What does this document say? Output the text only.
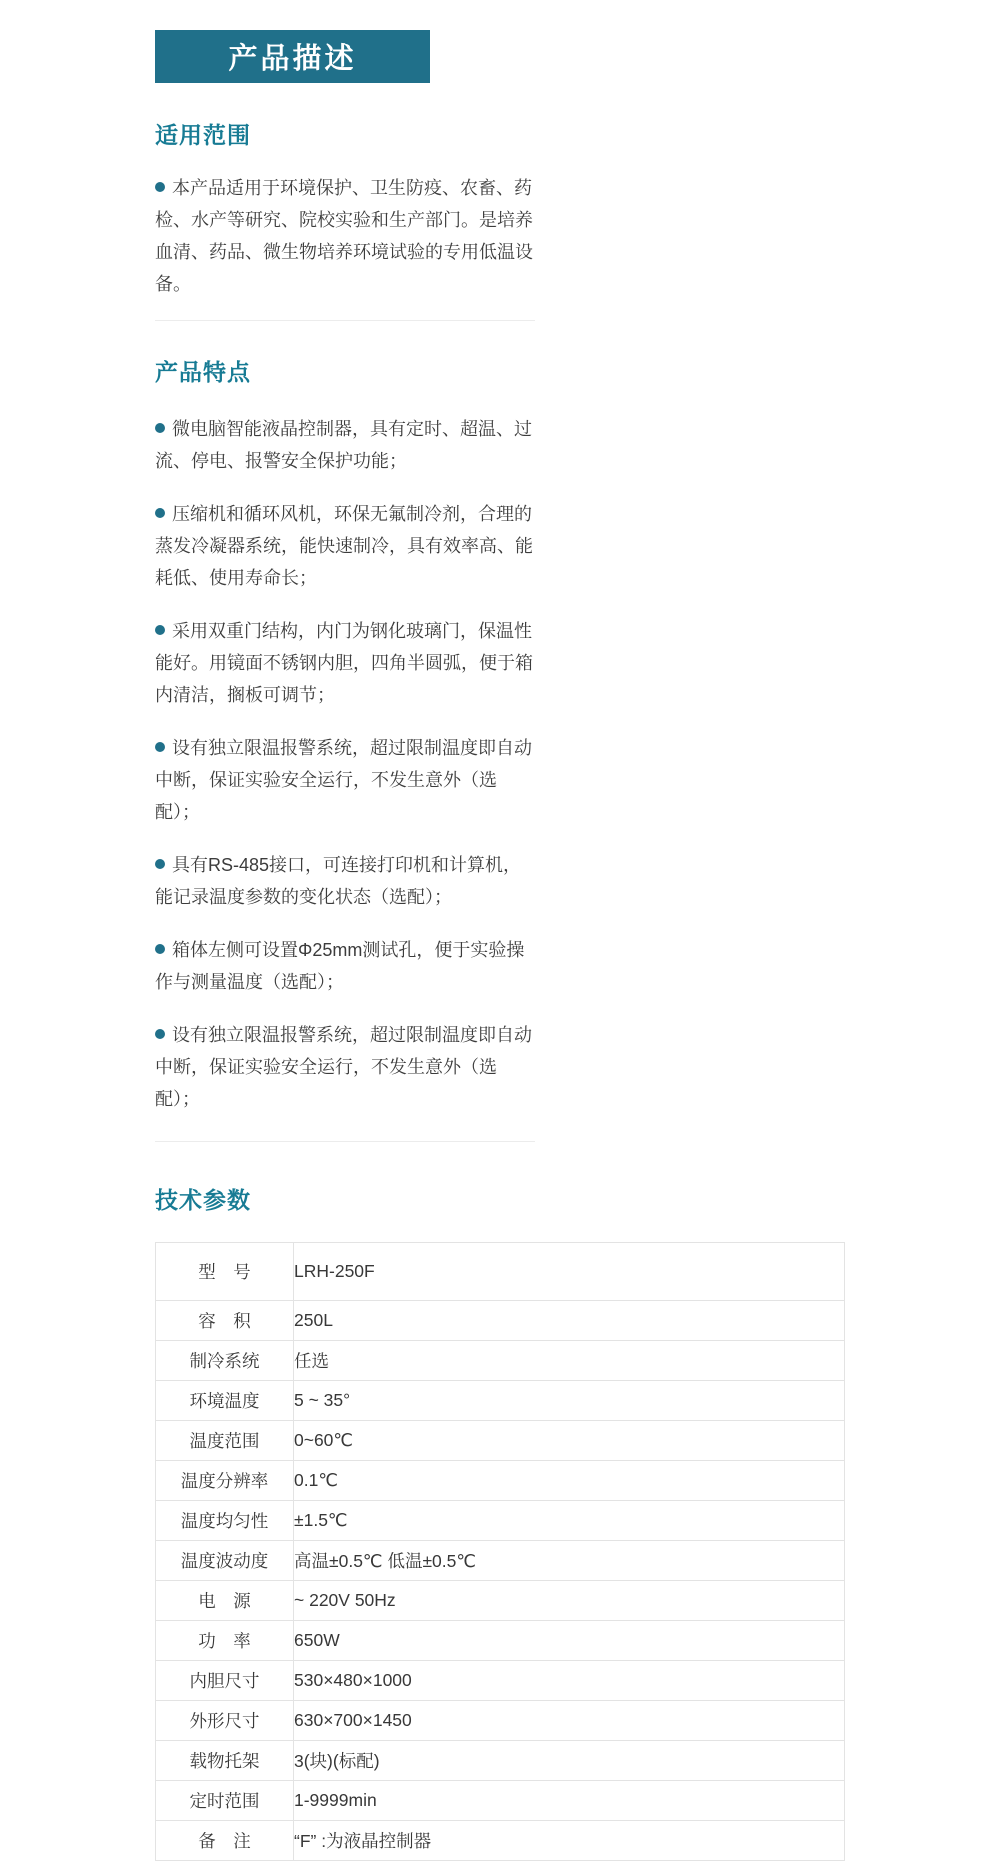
产品描述
适用范围

本产品适用于环境保护、卫生防疫、农畜、药检、水产等研究、院校实验和生产部门。是培养血清、药品、微生物培养环境试验的专用低温设备。

产品特点

微电脑智能液晶控制器，具有定时、超温、过流、停电、报警安全保护功能；

压缩机和循环风机，环保无氟制冷剂，合理的蒸发冷凝器系统，能快速制冷，具有效率高、能耗低、使用寿命长；

采用双重门结构，内门为钢化玻璃门，保温性能好。用镜面不锈钢内胆，四角半圆弧，便于箱内清洁，搁板可调节；

设有独立限温报警系统，超过限制温度即自动中断，保证实验安全运行，不发生意外（选配）；

具有RS-485接口，可连接打印机和计算机，能记录温度参数的变化状态（选配）；

箱体左侧可设置Φ25mm测试孔，便于实验操作与测量温度（选配）；

设有独立限温报警系统，超过限制温度即自动中断，保证实验安全运行，不发生意外（选配）；

技术参数
型　号	LRH-250F
容　积	250L
制冷系统	任选
环境温度	5 ~ 35°
温度范围	0~60℃
温度分辨率	0.1℃
温度均匀性	±1.5℃
温度波动度	高温±0.5℃ 低温±0.5℃
电　源	~ 220V 50Hz
功　率	650W
内胆尺寸	530×480×1000
外形尺寸	630×700×1450
载物托架	3(块)(标配)
定时范围	1-9999min
备　注	“F” :为液晶控制器
